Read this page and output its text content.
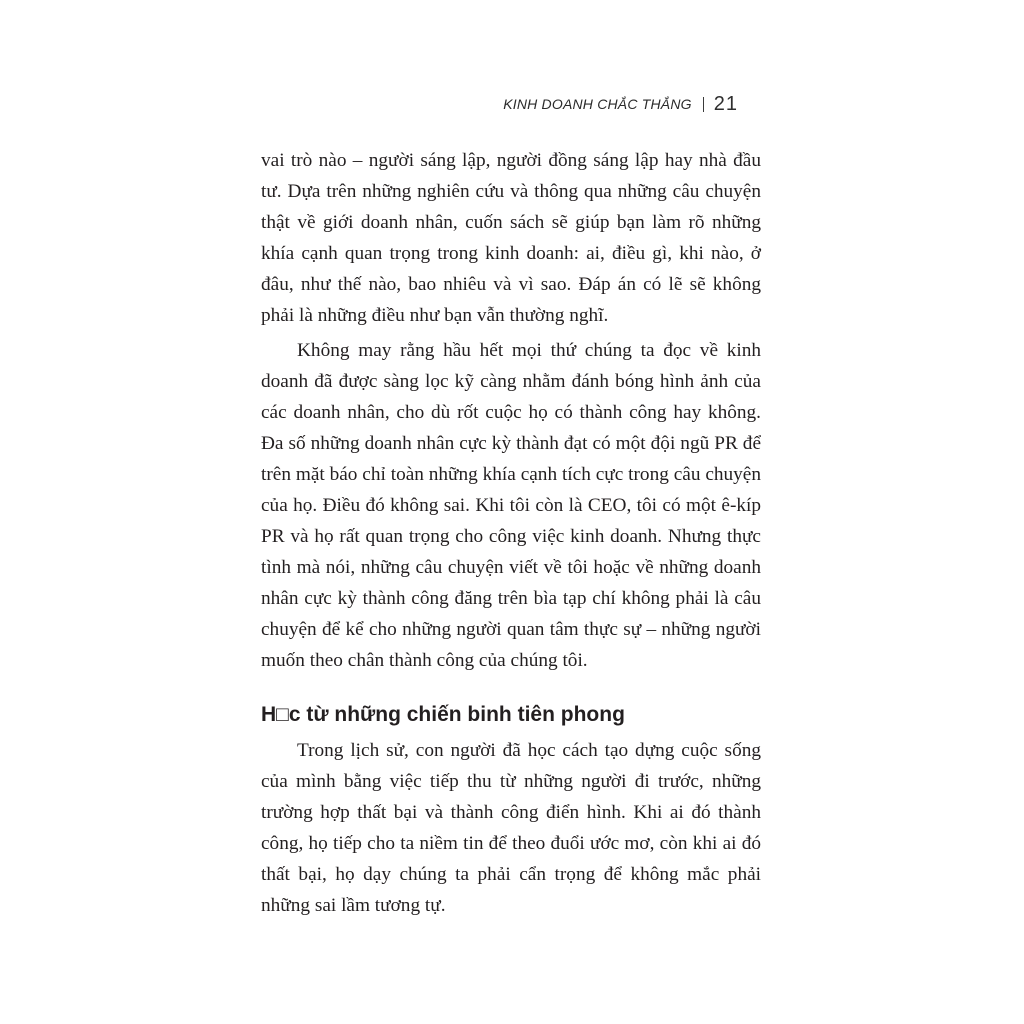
KINH DOANH CHẮC THẮNG 21

vai trò nào – người sáng lập, người đồng sáng lập hay nhà đầu tư. Dựa trên những nghiên cứu và thông qua những câu chuyện thật về giới doanh nhân, cuốn sách sẽ giúp bạn làm rõ những khía cạnh quan trọng trong kinh doanh: ai, điều gì, khi nào, ở đâu, như thế nào, bao nhiêu và vì sao. Đáp án có lẽ sẽ không phải là những điều như bạn vẫn thường nghĩ.

Không may rằng hầu hết mọi thứ chúng ta đọc về kinh doanh đã được sàng lọc kỹ càng nhằm đánh bóng hình ảnh của các doanh nhân, cho dù rốt cuộc họ có thành công hay không. Đa số những doanh nhân cực kỳ thành đạt có một đội ngũ PR để trên mặt báo chỉ toàn những khía cạnh tích cực trong câu chuyện của họ. Điều đó không sai. Khi tôi còn là CEO, tôi có một ê-kíp PR và họ rất quan trọng cho công việc kinh doanh. Nhưng thực tình mà nói, những câu chuyện viết về tôi hoặc về những doanh nhân cực kỳ thành công đăng trên bìa tạp chí không phải là câu chuyện để kể cho những người quan tâm thực sự – những người muốn theo chân thành công của chúng tôi.

H□c từ những chiến binh tiên phong

Trong lịch sử, con người đã học cách tạo dựng cuộc sống của mình bằng việc tiếp thu từ những người đi trước, những trường hợp thất bại và thành công điển hình. Khi ai đó thành công, họ tiếp cho ta niềm tin để theo đuổi ước mơ, còn khi ai đó thất bại, họ dạy chúng ta phải cẩn trọng để không mắc phải những sai lầm tương tự.
